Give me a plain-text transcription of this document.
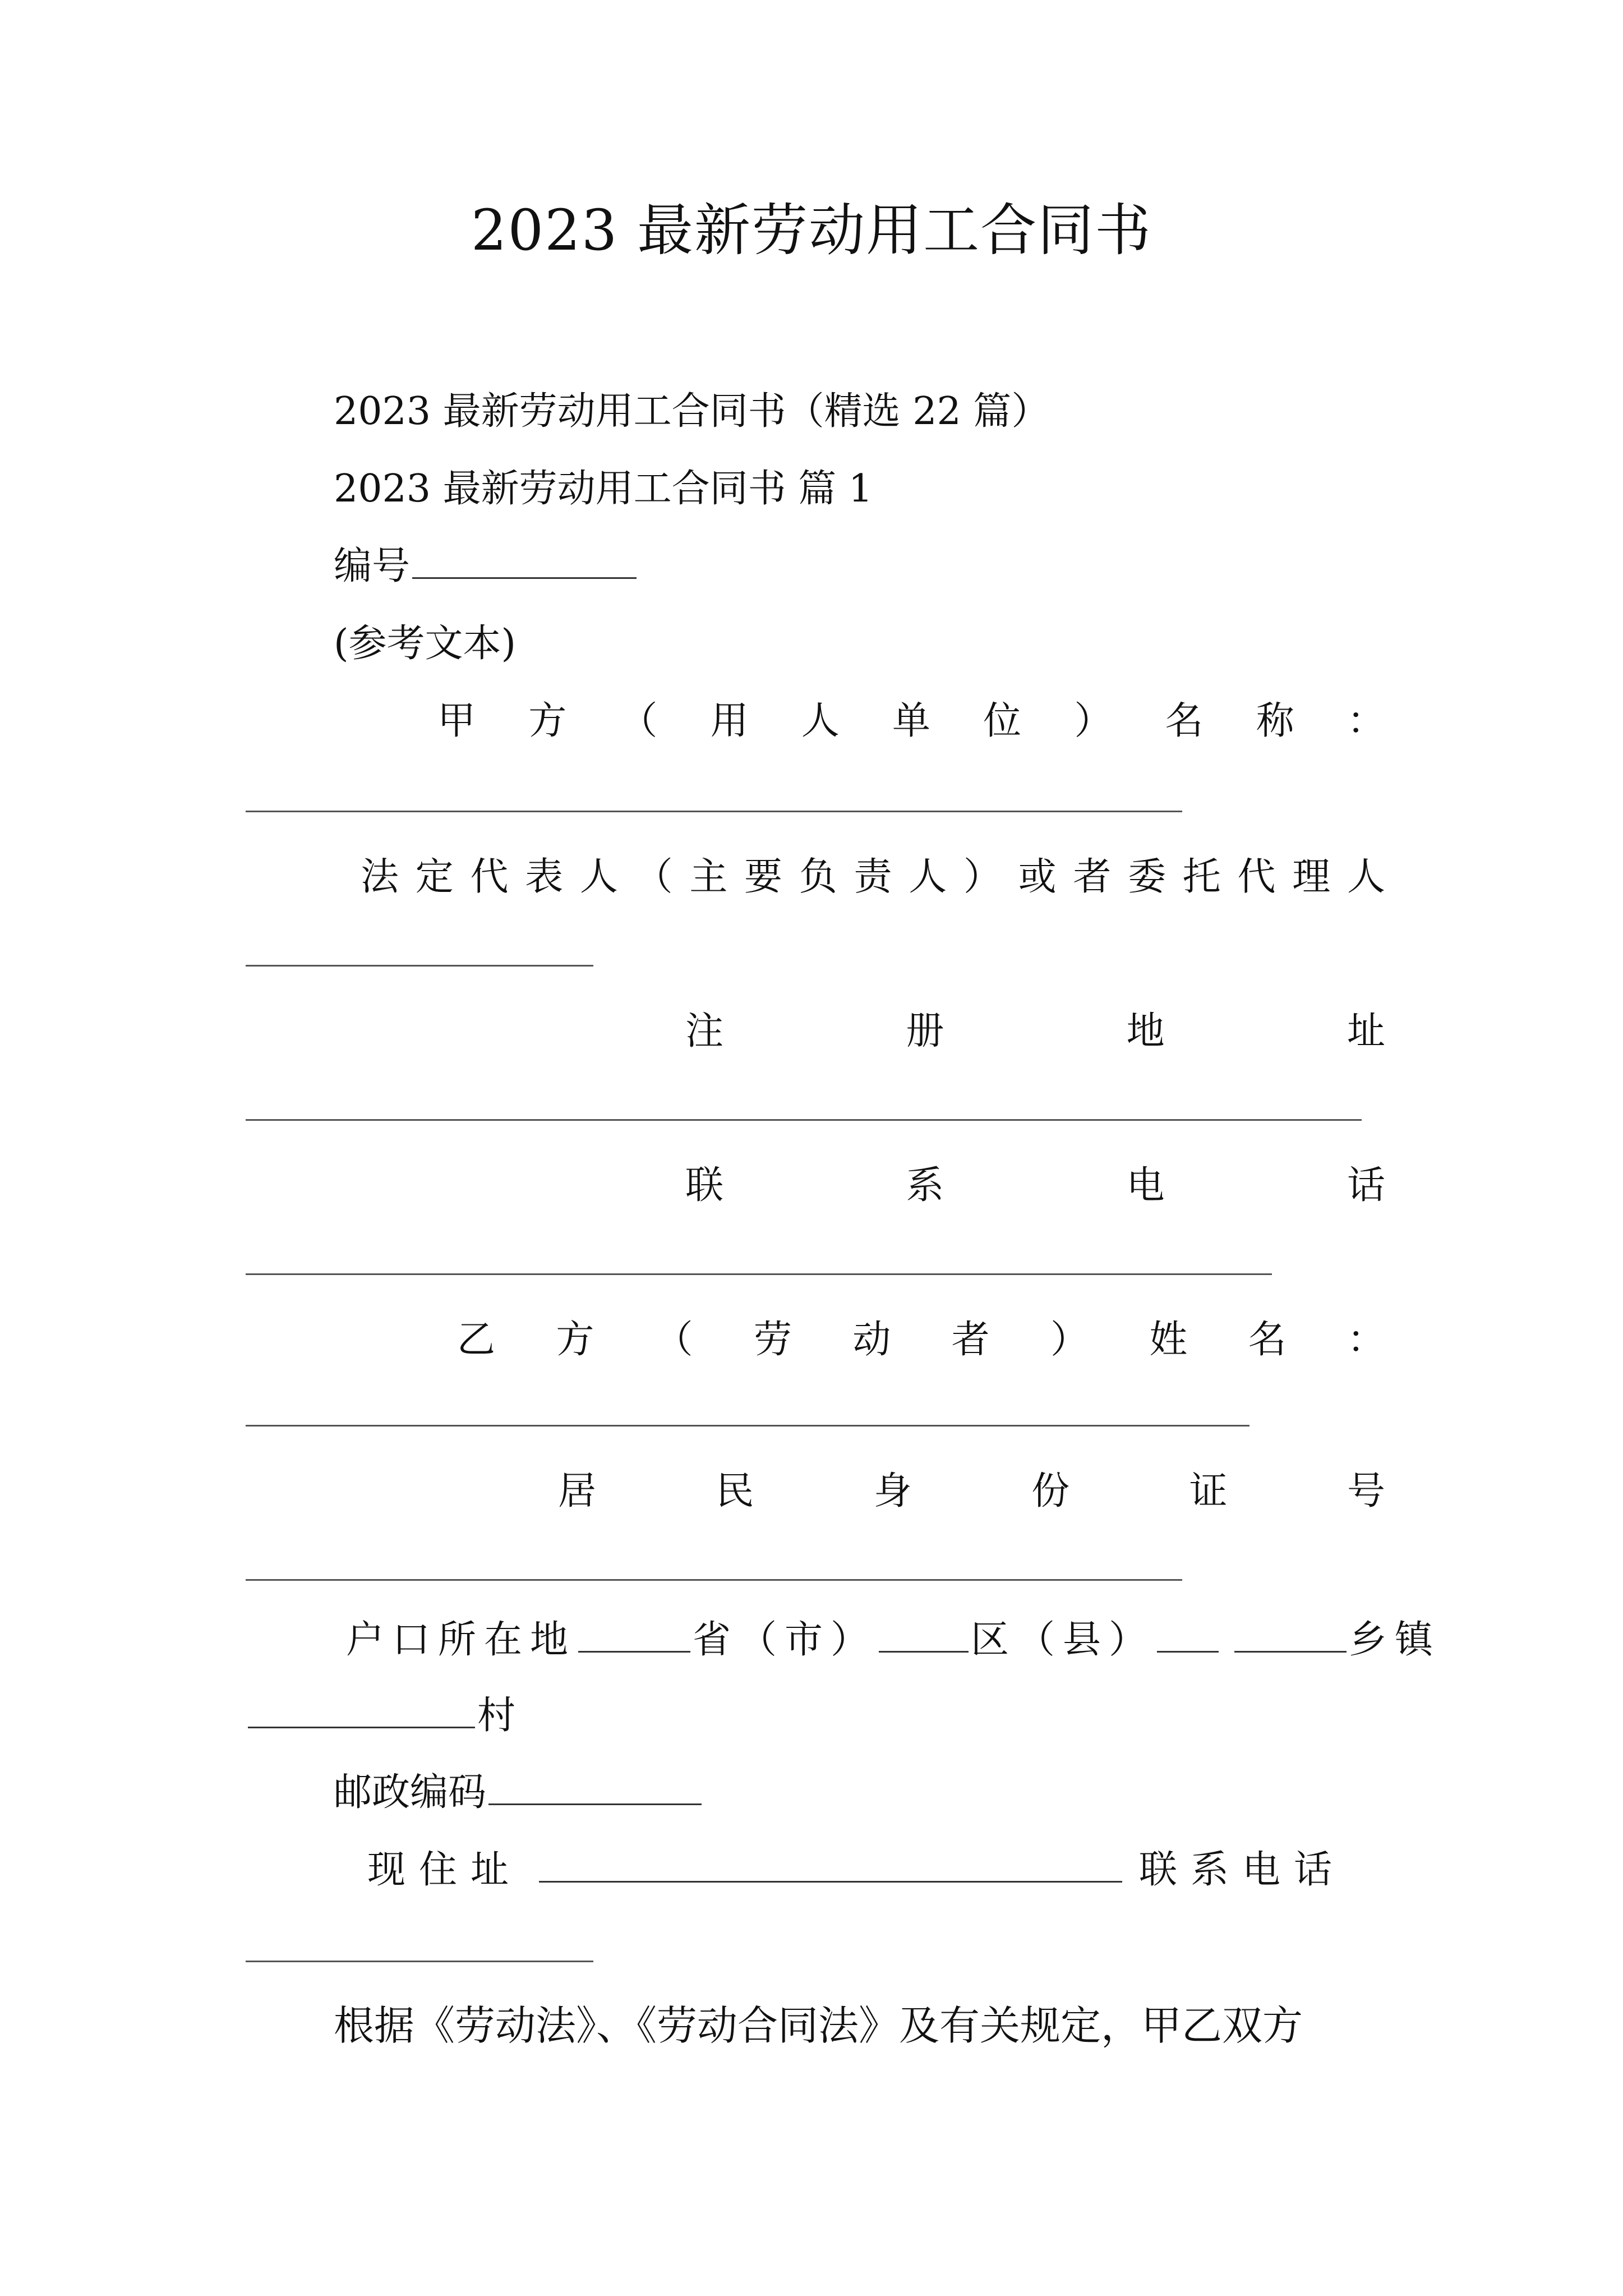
2023 最新劳动用工合同书
2023 最新劳动用工合同书（精选 22 篇）
2023 最新劳动用工合同书 篇 1
编号
(参考文本)
甲 方 （ 用 人 单 位 ） 名 称 ：
法 定 代 表 人 （ 主 要 负 责 人 ） 或 者 委 托 代 理 人
注	册	地	址
联	系	电	话
乙 方 （ 劳 动 者 ） 姓 名 ：
居	民	身	份	证	号
户口所在地	省（市） 区（县）	乡镇
村
邮政编码
现住址	联系电话
根据《劳动法》、《劳动合同法》及有关规定，甲乙双方
